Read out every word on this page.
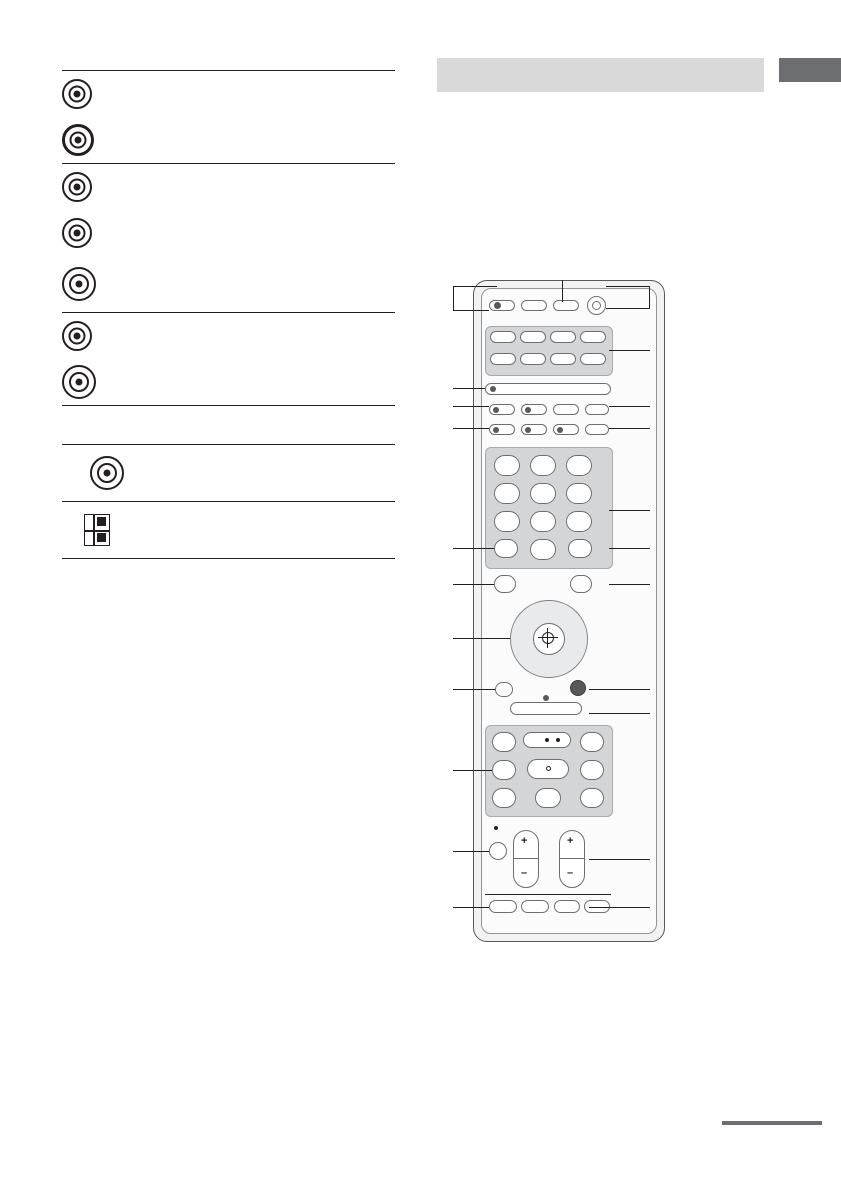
+
–
+
–
